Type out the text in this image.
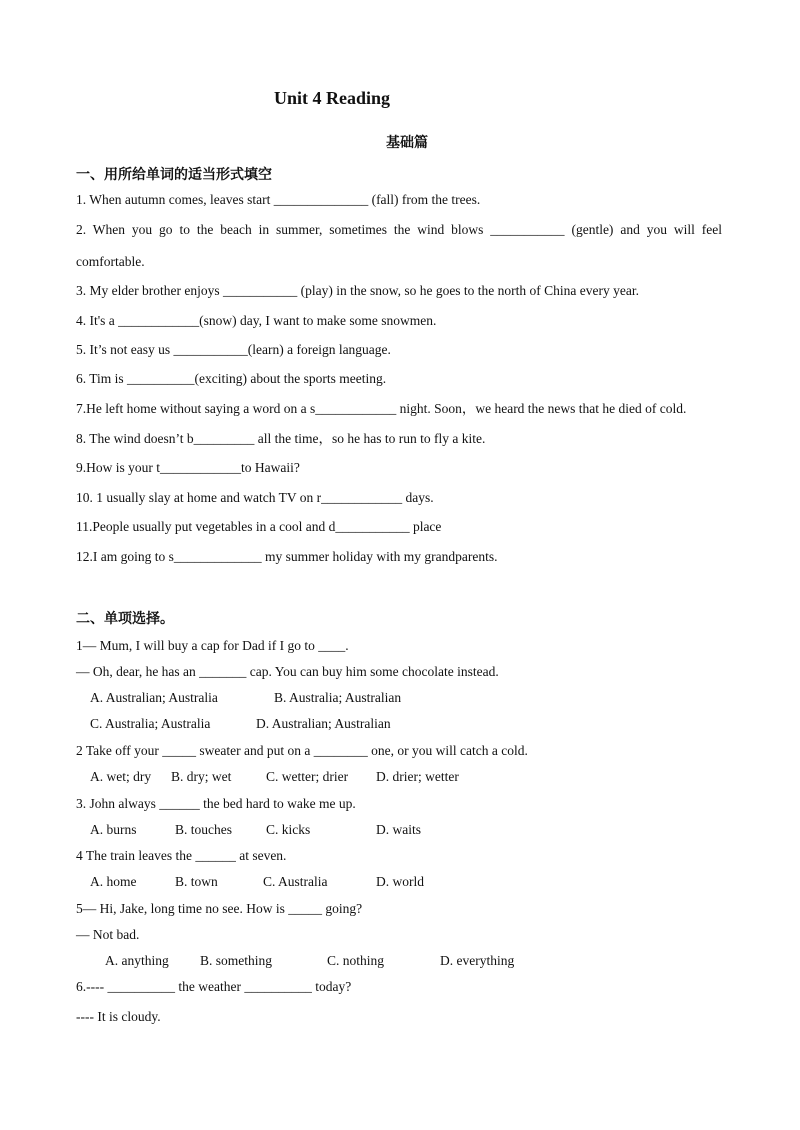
Unit 4 Reading
基础篇
一、用所给单词的适当形式填空
1. When autumn comes, leaves start ______________ (fall) from the trees.
2. When you go to the beach in summer, sometimes the wind blows ___________ (gentle) and you will feel
comfortable.
3. My elder brother enjoys ___________ (play) in the snow, so he goes to the north of China every year.
4. It's a ____________(snow) day, I want to make some snowmen.
5. It’s not easy us ___________(learn) a foreign language.
6. Tim is __________(exciting) about the sports meeting.
7.He left home without saying a word on a s____________ night. Soon，we heard the news that he died of cold.
8. The wind doesn’t b_________ all the time，so he has to run to fly a kite.
9.How is your t____________to Hawaii?
10. 1 usually slay at home and watch TV on r____________ days.
11.People usually put vegetables in a cool and d___________ place
12.I am going to s_____________ my summer holiday with my grandparents.
二、单项选择。
1— Mum, I will buy a cap for Dad if I go to ____.
— Oh, dear, he has an _______ cap. You can buy him some chocolate instead.
A. Australian; Australia	B. Australia; Australian
C. Australia; Australia	D. Australian; Australian
2 Take off your _____ sweater and put on a ________ one, or you will catch a cold.
A. wet; dry B. dry; wet	C. wetter; drier D. drier; wetter
3. John always ______ the bed hard to wake me up.
A. burns	B. touches	C. kicks	D. waits
4 The train leaves the ______ at seven.
A. home	B. town	C. Australia	D. world
5— Hi, Jake, long time no see. How is _____ going?
— Not bad.
A. anything B. something	C. nothing	D. everything
6.---- __________ the weather __________ today?
---- It is cloudy.
